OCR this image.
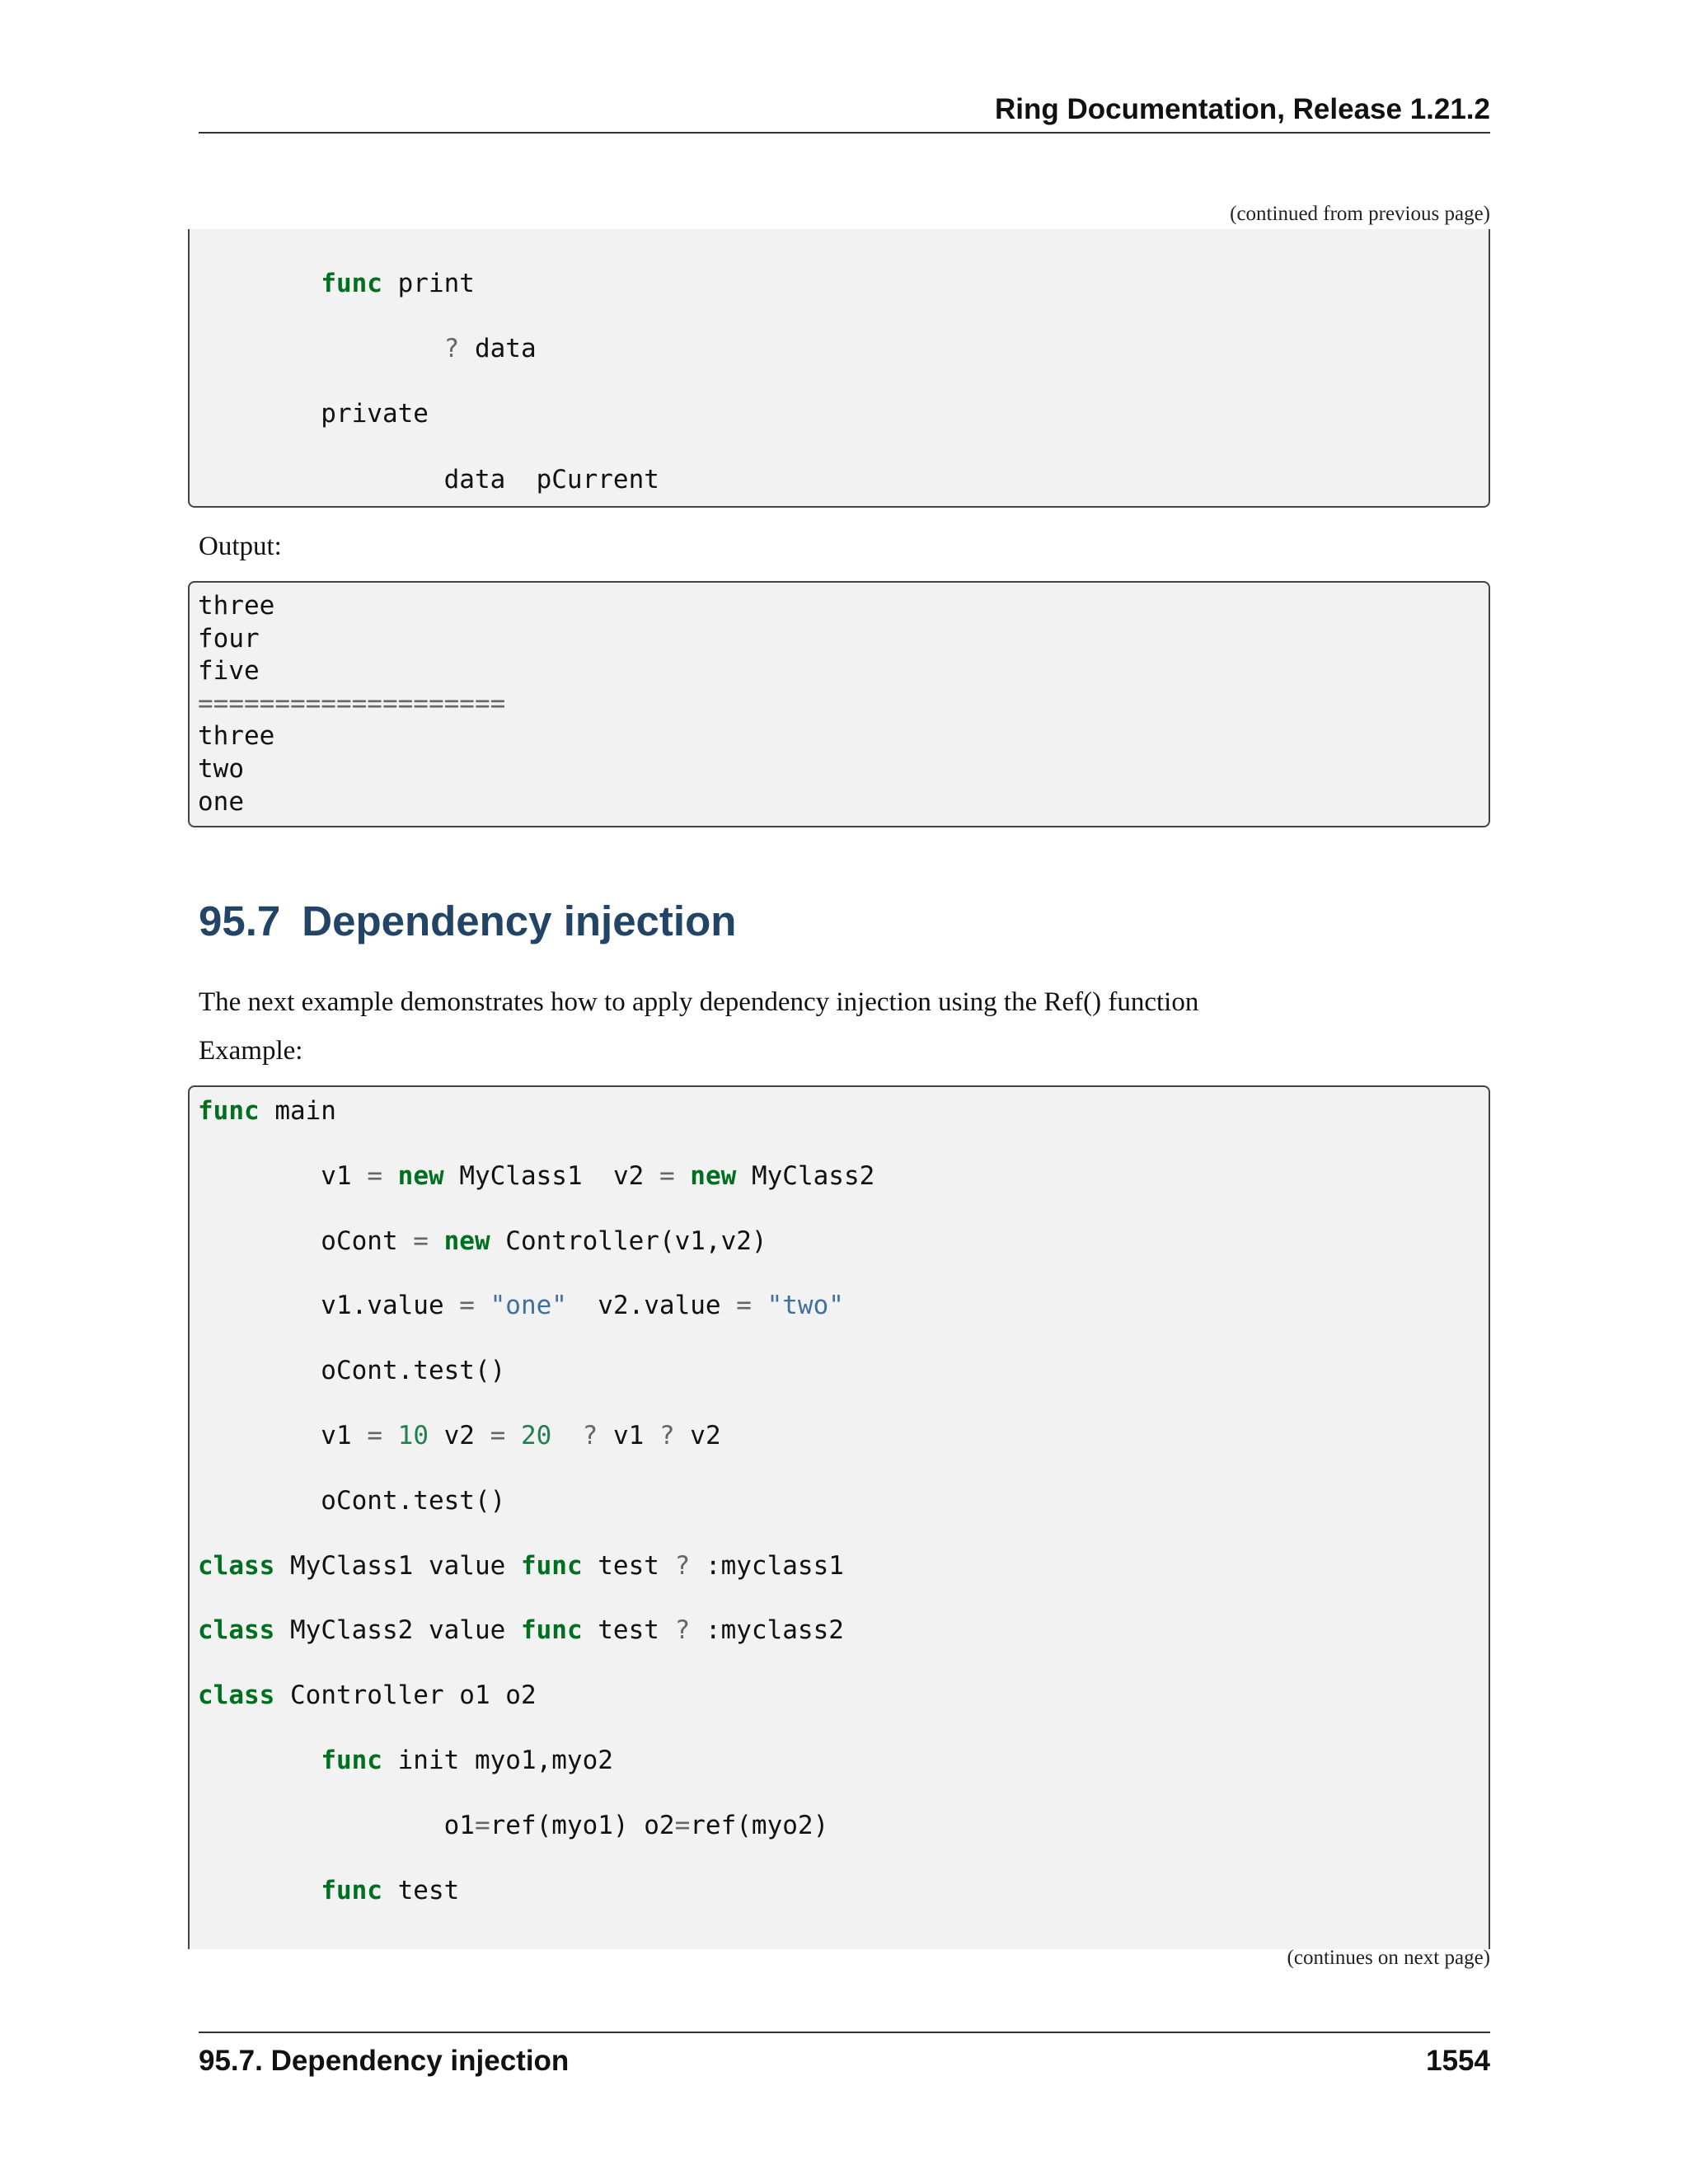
Ring Documentation, Release 1.21.2
(continued from previous page)
func print
? data
private
data  pCurrent
Output:
three
four
five
====================
three
two
one
95.7 Dependency injection
The next example demonstrates how to apply dependency injection using the Ref() function
Example:
func main
v1 = new MyClass1  v2 = new MyClass2
oCont = new Controller(v1,v2)
v1.value = "one"  v2.value = "two"
oCont.test()
v1 = 10 v2 = 20 ? v1 ? v2
oCont.test()
class MyClass1 value func test ? :myclass1
class MyClass2 value func test ? :myclass2
class Controller o1 o2
func init myo1,myo2
o1=ref(myo1) o2=ref(myo2)
func test
(continues on next page)
95.7. Dependency injection	1554
